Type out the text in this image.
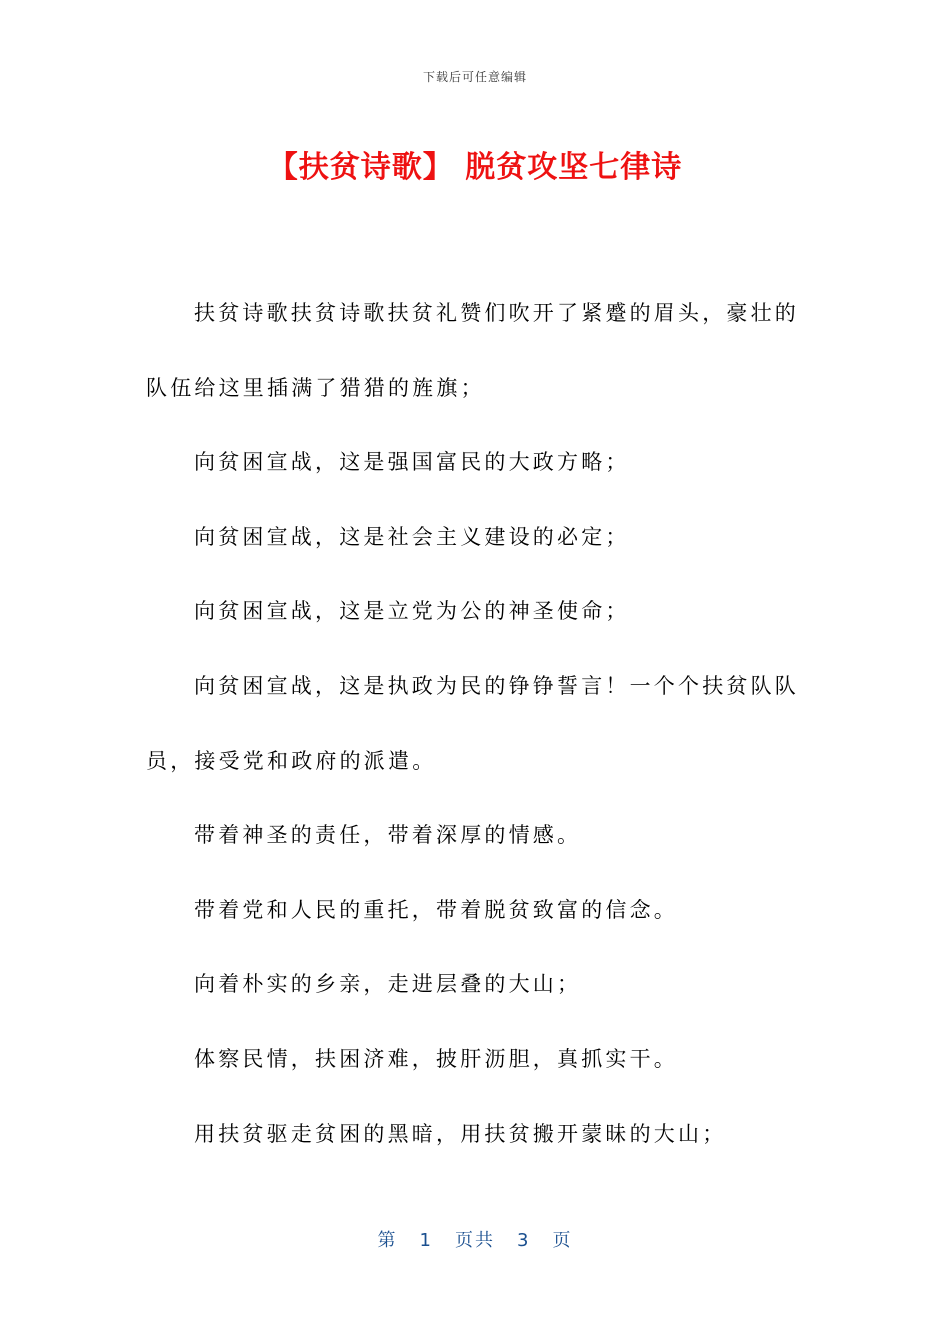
下载后可任意编辑
【扶贫诗歌】 脱贫攻坚七律诗

扶贫诗歌扶贫诗歌扶贫礼赞们吹开了紧蹙的眉头，豪壮的队伍给这里插满了猎猎的旌旗；

向贫困宣战，这是强国富民的大政方略；

向贫困宣战，这是社会主义建设的必定；

向贫困宣战，这是立党为公的神圣使命；

向贫困宣战，这是执政为民的铮铮誓言！一个个扶贫队队员，接受党和政府的派遣。

带着神圣的责任，带着深厚的情感。

带着党和人民的重托，带着脱贫致富的信念。

向着朴实的乡亲，走进层叠的大山；

体察民情，扶困济难，披肝沥胆，真抓实干。

用扶贫驱走贫困的黑暗，用扶贫搬开蒙昧的大山；

第 1 页共 3 页
